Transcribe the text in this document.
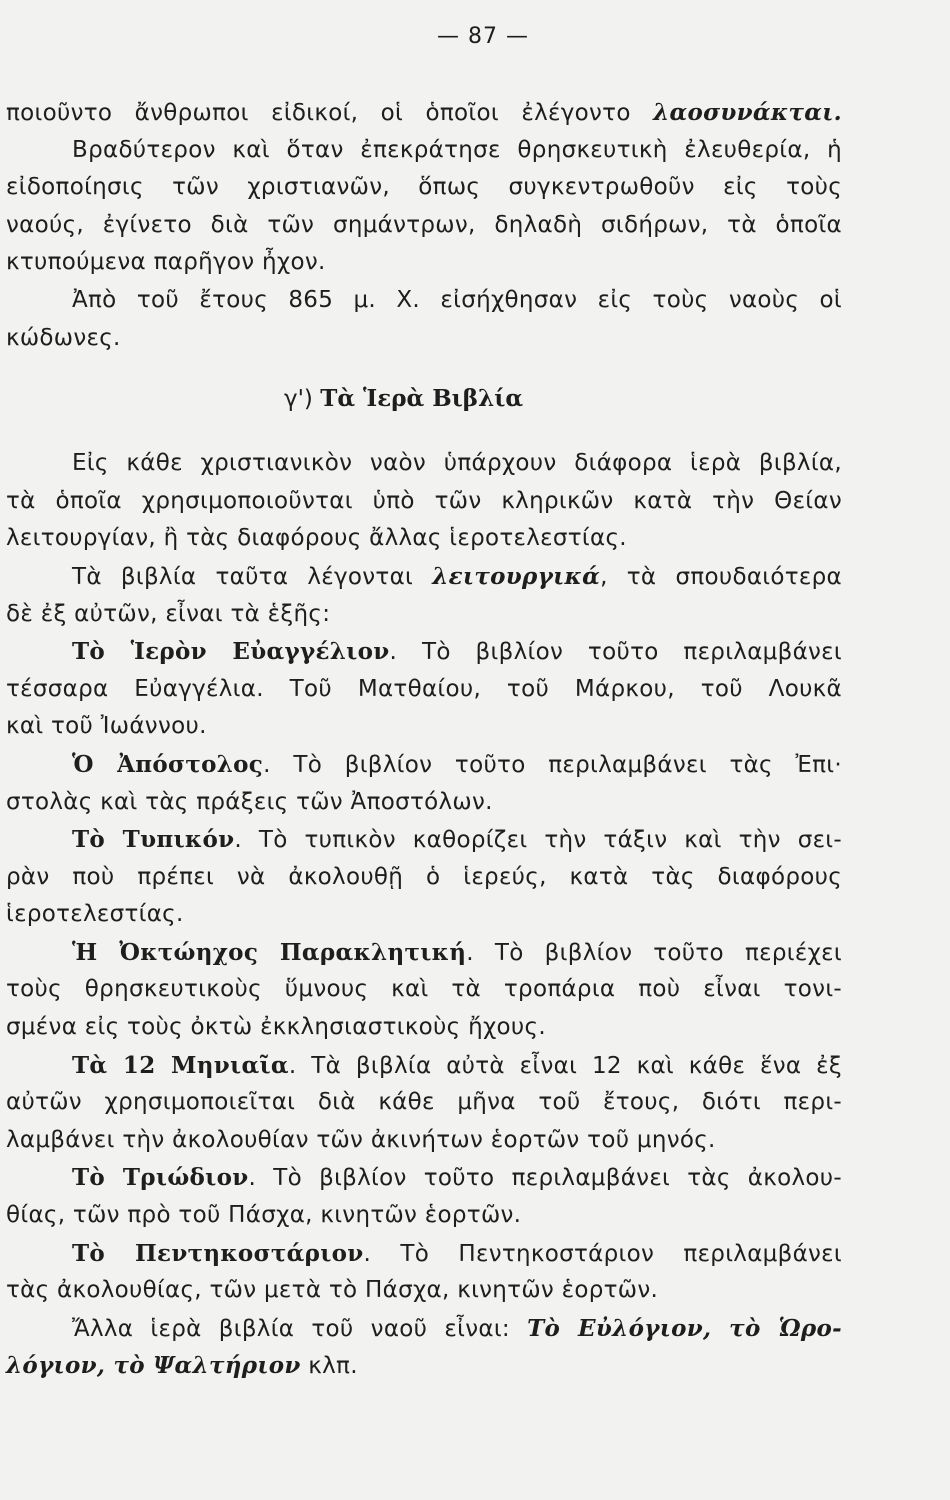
— 87 —
ποιοῦντο ἄνθρωποι εἰδικοί, οἱ ὁποῖοι ἐλέγοντο λαοσυνάκται.
Βραδύτερον καὶ ὅταν ἐπεκράτησε θρησκευτικὴ ἐλευθερία, ἡ
εἰδοποίησις τῶν χριστιανῶν, ὅπως συγκεντρωθοῦν εἰς τοὺς
ναούς, ἐγίνετο διὰ τῶν σημάντρων, δηλαδὴ σιδήρων, τὰ ὁποῖα
κτυπούμενα παρῆγον ἦχον.
Ἀπὸ τοῦ ἔτους 865 μ. Χ. εἰσήχθησαν εἰς τοὺς ναοὺς οἱ
κώδωνες.
γ') Τὰ Ἱερὰ Βιβλία
Εἰς κάθε χριστιανικὸν ναὸν ὑπάρχουν διάφορα ἱερὰ βιβλία,
τὰ ὁποῖα χρησιμοποιοῦνται ὑπὸ τῶν κληρικῶν κατὰ τὴν Θείαν
λειτουργίαν, ἢ τὰς διαφόρους ἄλλας ἱεροτελεστίας.
Τὰ βιβλία ταῦτα λέγονται λειτουργικά, τὰ σπουδαιότερα
δὲ ἐξ αὐτῶν, εἶναι τὰ ἑξῆς:
Τὸ Ἱερὸν Εὐαγγέλιον. Τὸ βιβλίον τοῦτο περιλαμβάνει
τέσσαρα Εὐαγγέλια. Τοῦ Ματθαίου, τοῦ Μάρκου, τοῦ Λουκᾶ
καὶ τοῦ Ἰωάννου.
Ὁ Ἀπόστολος. Τὸ βιβλίον τοῦτο περιλαμβάνει τὰς Ἐπι·
στολὰς καὶ τὰς πράξεις τῶν Ἀποστόλων.
Τὸ Τυπικόν. Τὸ τυπικὸν καθορίζει τὴν τάξιν καὶ τὴν σει-
ρὰν ποὺ πρέπει νὰ ἀκολουθῇ ὁ ἱερεύς, κατὰ τὰς διαφόρους
ἱεροτελεστίας.
Ἡ Ὀκτώηχος Παρακλητική. Τὸ βιβλίον τοῦτο περιέχει
τοὺς θρησκευτικοὺς ὕμνους καὶ τὰ τροπάρια ποὺ εἶναι τονι-
σμένα εἰς τοὺς ὀκτὼ ἐκκλησιαστικοὺς ἤχους.
Τὰ 12 Μηνιαῖα. Τὰ βιβλία αὐτὰ εἶναι 12 καὶ κάθε ἕνα ἐξ
αὐτῶν χρησιμοποιεῖται διὰ κάθε μῆνα τοῦ ἔτους, διότι περι-
λαμβάνει τὴν ἀκολουθίαν τῶν ἀκινήτων ἑορτῶν τοῦ μηνός.
Τὸ Τριώδιον. Τὸ βιβλίον τοῦτο περιλαμβάνει τὰς ἀκολου-
θίας, τῶν πρὸ τοῦ Πάσχα, κινητῶν ἑορτῶν.
Τὸ Πεντηκοστάριον. Τὸ Πεντηκοστάριον περιλαμβάνει
τὰς ἀκολουθίας, τῶν μετὰ τὸ Πάσχα, κινητῶν ἑορτῶν.
Ἄλλα ἱερὰ βιβλία τοῦ ναοῦ εἶναι: Τὸ Εὐλόγιον, τὸ Ὡρο-
λόγιον, τὸ Ψαλτήριον κλπ.
